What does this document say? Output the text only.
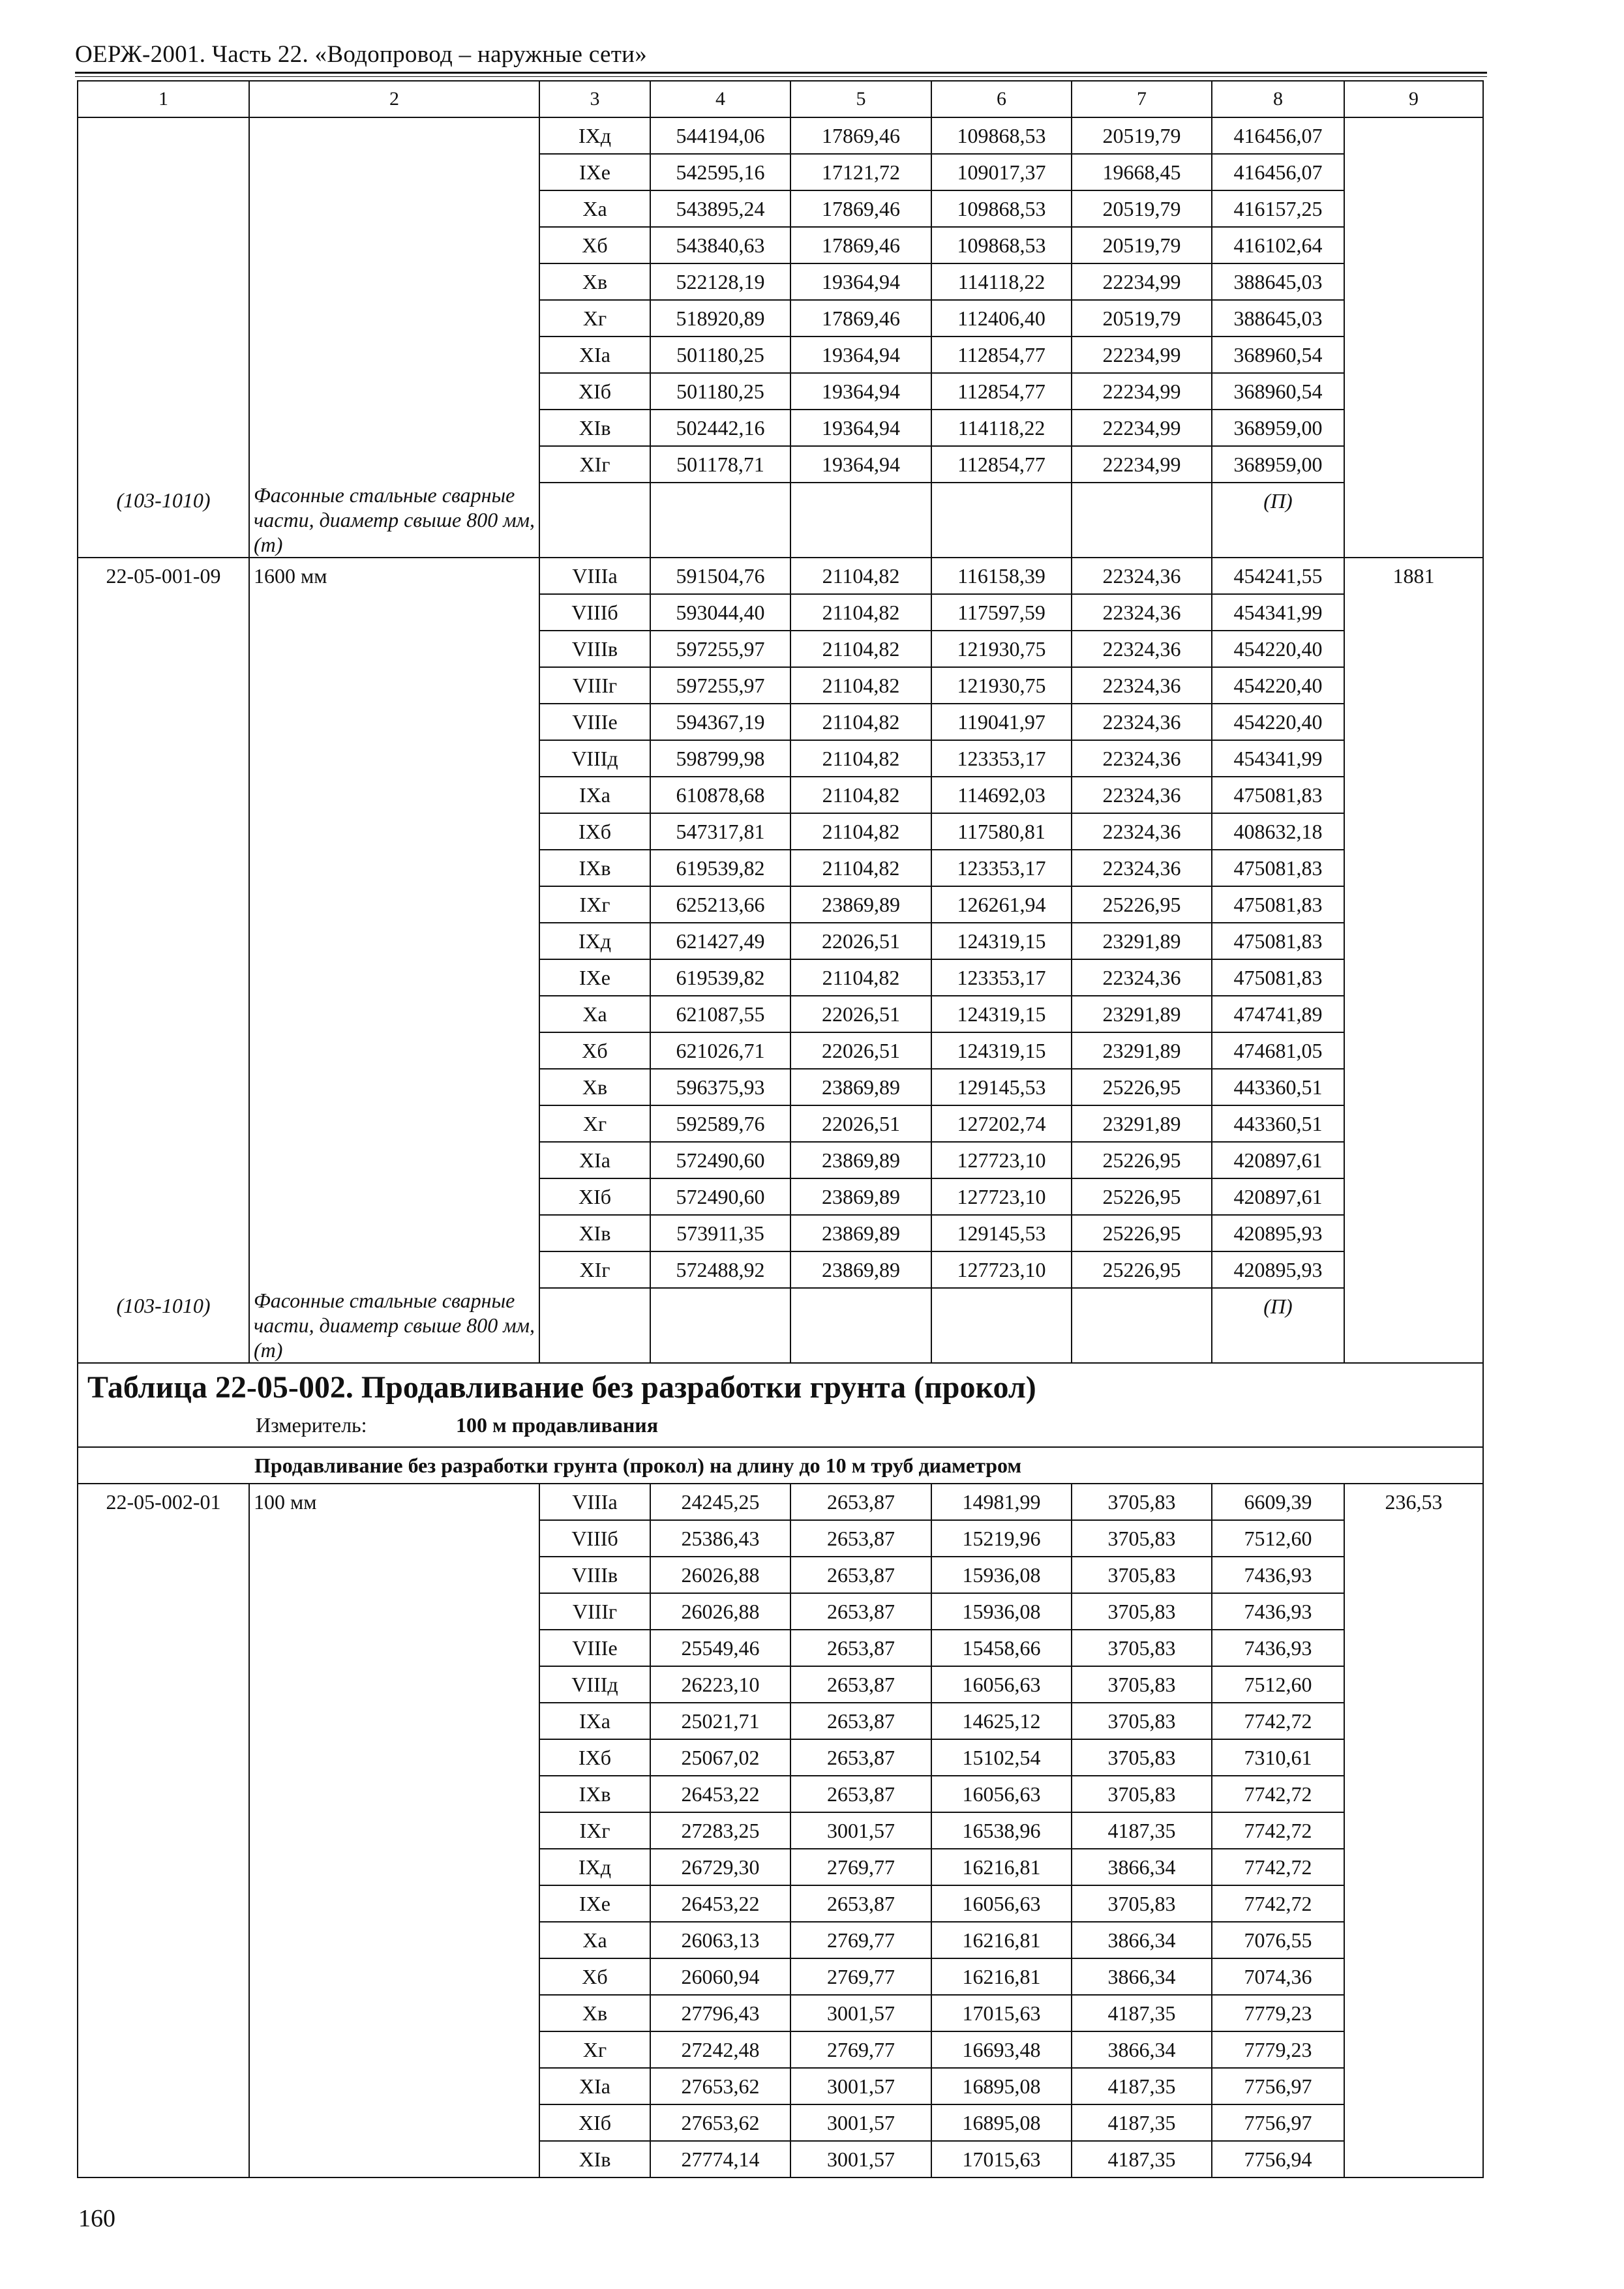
ОЕРЖ-2001. Часть 22. «Водопровод – наружные сети»
1	2	3	4	5	6	7	8	9
		IXд	544194,06	17869,46	109868,53	20519,79	416456,07	
		IXе	542595,16	17121,72	109017,37	19668,45	416456,07	
		Xа	543895,24	17869,46	109868,53	20519,79	416157,25	
		Xб	543840,63	17869,46	109868,53	20519,79	416102,64	
		Xв	522128,19	19364,94	114118,22	22234,99	388645,03	
		Xг	518920,89	17869,46	112406,40	20519,79	388645,03	
		XIа	501180,25	19364,94	112854,77	22234,99	368960,54	
		XIб	501180,25	19364,94	112854,77	22234,99	368960,54	
		XIв	502442,16	19364,94	114118,22	22234,99	368959,00	
		XIг	501178,71	19364,94	112854,77	22234,99	368959,00	
(103-1010)	Фасонные стальные сварные части, диаметр свыше 800 мм, (т)						(П)	
22-05-001-09	1600 мм	VIIIа	591504,76	21104,82	116158,39	22324,36	454241,55	1881
		VIIIб	593044,40	21104,82	117597,59	22324,36	454341,99	
		VIIIв	597255,97	21104,82	121930,75	22324,36	454220,40	
		VIIIг	597255,97	21104,82	121930,75	22324,36	454220,40	
		VIIIе	594367,19	21104,82	119041,97	22324,36	454220,40	
		VIIIд	598799,98	21104,82	123353,17	22324,36	454341,99	
		IXа	610878,68	21104,82	114692,03	22324,36	475081,83	
		IXб	547317,81	21104,82	117580,81	22324,36	408632,18	
		IXв	619539,82	21104,82	123353,17	22324,36	475081,83	
		IXг	625213,66	23869,89	126261,94	25226,95	475081,83	
		IXд	621427,49	22026,51	124319,15	23291,89	475081,83	
		IXе	619539,82	21104,82	123353,17	22324,36	475081,83	
		Xа	621087,55	22026,51	124319,15	23291,89	474741,89	
		Xб	621026,71	22026,51	124319,15	23291,89	474681,05	
		Xв	596375,93	23869,89	129145,53	25226,95	443360,51	
		Xг	592589,76	22026,51	127202,74	23291,89	443360,51	
		XIа	572490,60	23869,89	127723,10	25226,95	420897,61	
		XIб	572490,60	23869,89	127723,10	25226,95	420897,61	
		XIв	573911,35	23869,89	129145,53	25226,95	420895,93	
		XIг	572488,92	23869,89	127723,10	25226,95	420895,93	
(103-1010)	Фасонные стальные сварные части, диаметр свыше 800 мм, (т)						(П)	
Таблица 22-05-002. Продавливание без разработки грунта (прокол)								
Измеритель: 100 м продавливания								
Продавливание без разработки грунта (прокол) на длину до 10 м труб диаметром								
22-05-002-01	100 мм	VIIIа	24245,25	2653,87	14981,99	3705,83	6609,39	236,53
		VIIIб	25386,43	2653,87	15219,96	3705,83	7512,60	
		VIIIв	26026,88	2653,87	15936,08	3705,83	7436,93	
		VIIIг	26026,88	2653,87	15936,08	3705,83	7436,93	
		VIIIе	25549,46	2653,87	15458,66	3705,83	7436,93	
		VIIIд	26223,10	2653,87	16056,63	3705,83	7512,60	
		IXа	25021,71	2653,87	14625,12	3705,83	7742,72	
		IXб	25067,02	2653,87	15102,54	3705,83	7310,61	
		IXв	26453,22	2653,87	16056,63	3705,83	7742,72	
		IXг	27283,25	3001,57	16538,96	4187,35	7742,72	
		IXд	26729,30	2769,77	16216,81	3866,34	7742,72	
		IXе	26453,22	2653,87	16056,63	3705,83	7742,72	
		Xа	26063,13	2769,77	16216,81	3866,34	7076,55	
		Xб	26060,94	2769,77	16216,81	3866,34	7074,36	
		Xв	27796,43	3001,57	17015,63	4187,35	7779,23	
		Xг	27242,48	2769,77	16693,48	3866,34	7779,23	
		XIа	27653,62	3001,57	16895,08	4187,35	7756,97	
		XIб	27653,62	3001,57	16895,08	4187,35	7756,97	
		XIв	27774,14	3001,57	17015,63	4187,35	7756,94	
160
